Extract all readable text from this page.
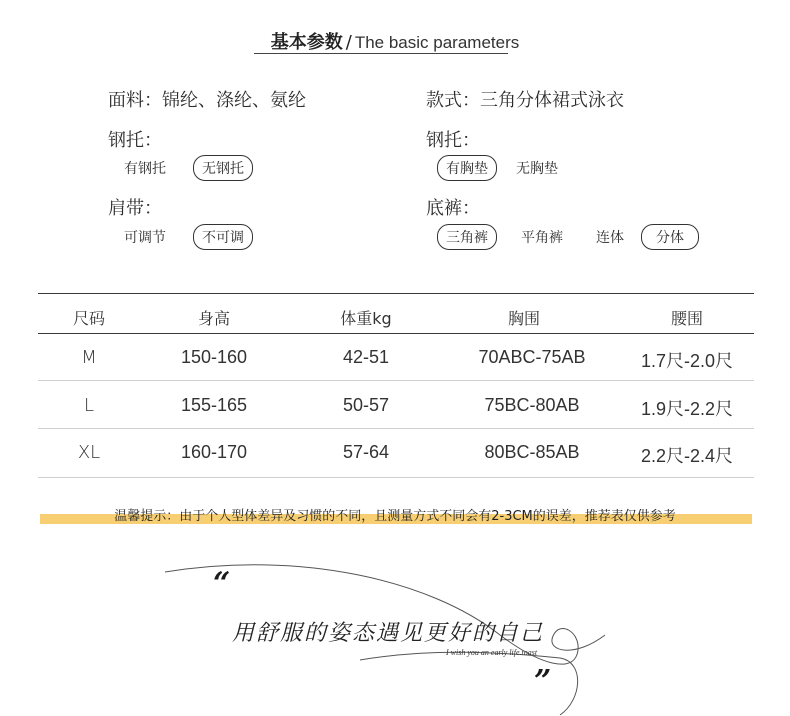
基本参数 / The basic parameters
面料：锦纶、涤纶、氨纶
钢托：
有钢托	无钢托
肩带：
可调节	不可调
款式：三角分体裙式泳衣
钢托：
有胸垫	无胸垫
底裤：
三角裤	平角裤 连体	分体
尺码	身高	体重kg	胸围	腰围
M	150-160	42-51	70ABC-75AB	1.7尺-2.0尺
L	155-165	50-57	75BC-80AB	1.9尺-2.2尺
XL	160-170	57-64	80BC-85AB	2.2尺-2.4尺
温馨提示：由于个人型体差异及习惯的不同，且测量方式不同会有2-3CM的误差，推荐表仅供参考
“
用舒服的姿态遇见更好的自己
I wish you an early life.toast
”
